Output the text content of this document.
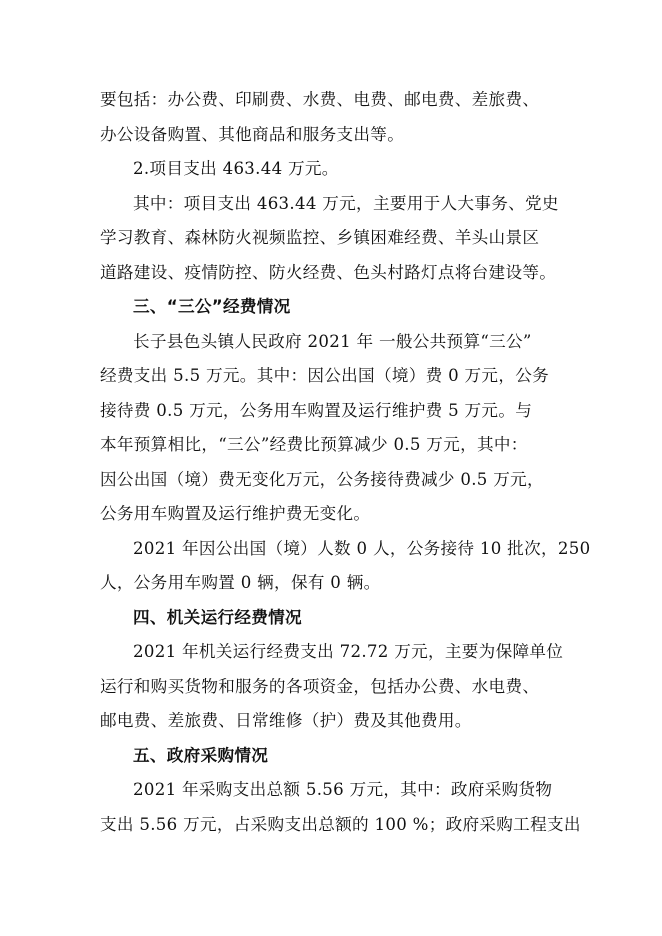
要包括：办公费、印刷费、水费、电费、邮电费、差旅费、
办公设备购置、其他商品和服务支出等。
2.项目支出 463.44 万元。
其中：项目支出 463.44 万元，主要用于人大事务、党史
学习教育、森林防火视频监控、乡镇困难经费、羊头山景区
道路建设、疫情防控、防火经费、色头村路灯点将台建设等。
三、“三公”经费情况
长子县色头镇人民政府 2021 年 一般公共预算“三公”
经费支出 5.5 万元。其中：因公出国（境）费 0 万元，公务
接待费 0.5 万元，公务用车购置及运行维护费 5 万元。与
本年预算相比，“三公”经费比预算减少 0.5 万元，其中：
因公出国（境）费无变化万元，公务接待费减少 0.5 万元，
公务用车购置及运行维护费无变化。
2021 年因公出国（境）人数 0 人，公务接待 10 批次，250
人，公务用车购置 0 辆，保有 0 辆。
四、机关运行经费情况
2021 年机关运行经费支出 72.72 万元，主要为保障单位
运行和购买货物和服务的各项资金，包括办公费、水电费、
邮电费、差旅费、日常维修（护）费及其他费用。
五、政府采购情况
2021 年采购支出总额 5.56 万元，其中：政府采购货物
支出 5.56 万元，占采购支出总额的 100 %；政府采购工程支出
